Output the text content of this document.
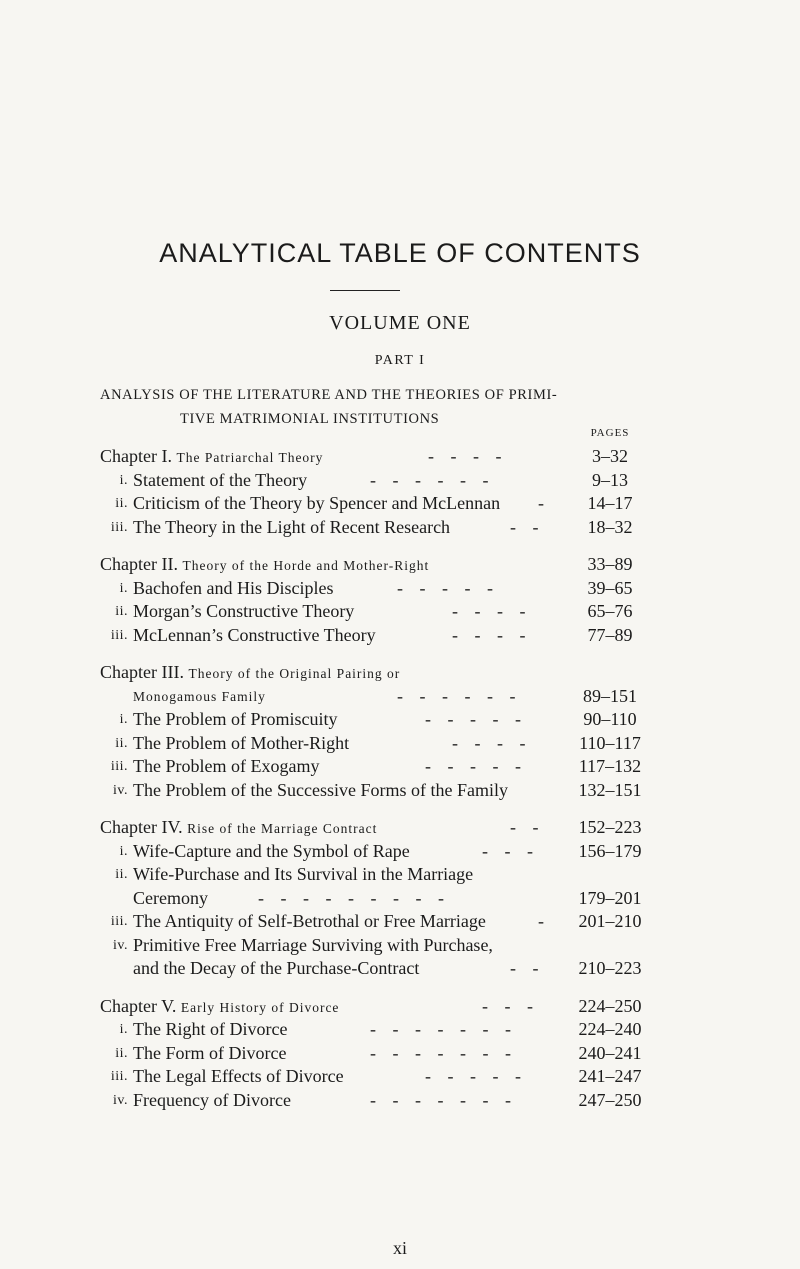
ANALYTICAL TABLE OF CONTENTS
VOLUME ONE
PART I
ANALYSIS OF THE LITERATURE AND THE THEORIES OF PRIMI-
TIVE MATRIMONIAL INSTITUTIONS
PAGES
Chapter I. The Patriarchal Theory	- - - -	3–32
i. Statement of the Theory	- - - - - -	9–13
ii. Criticism of the Theory by Spencer and McLennan -	14–17
iii. The Theory in the Light of Recent Research	- -	18–32
Chapter II. Theory of the Horde and Mother-Right	33–89
i. Bachofen and His Disciples	- - - - -	39–65
ii. Morgan’s Constructive Theory	- - - -	65–76
iii. McLennan’s Constructive Theory	- - - -	77–89
Chapter III. Theory of the Original Pairing or
Monogamous Family	- - - - - -	89–151
i. The Problem of Promiscuity	- - - - -	90–110
ii. The Problem of Mother-Right	- - - -	110–117
iii. The Problem of Exogamy	- - - - -	117–132
iv. The Problem of the Successive Forms of the Family	132–151
Chapter IV. Rise of the Marriage Contract	- -	152–223
i. Wife-Capture and the Symbol of Rape	- - -	156–179
ii. Wife-Purchase and Its Survival in the Marriage
Ceremony	- - - - - - - - -	179–201
iii. The Antiquity of Self-Betrothal or Free Marriage	-	201–210
iv. Primitive Free Marriage Surviving with Purchase,
and the Decay of the Purchase-Contract	- -	210–223
Chapter V. Early History of Divorce	- - -	224–250
i. The Right of Divorce	- - - - - - -	224–240
ii. The Form of Divorce	- - - - - - -	240–241
iii. The Legal Effects of Divorce	- - - - -	241–247
iv. Frequency of Divorce	- - - - - - -	247–250
xi
